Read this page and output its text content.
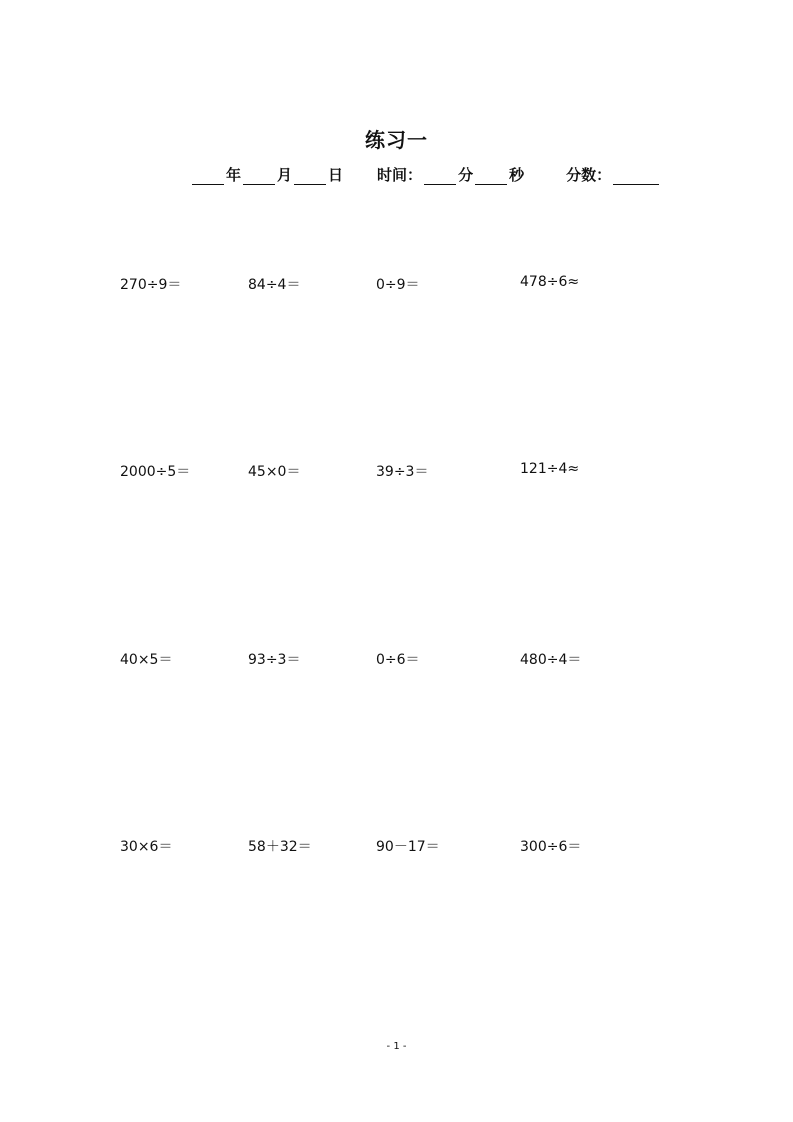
练习一
年 月 日 时间： 分 秒	分数：
270÷9＝	84÷4＝	0÷9＝	478÷6≈
2000÷5＝	45×0＝	39÷3＝	121÷4≈
40×5＝	93÷3＝	0÷6＝	480÷4＝
30×6＝	58＋32＝	90－17＝	300÷6＝
- 1 -
